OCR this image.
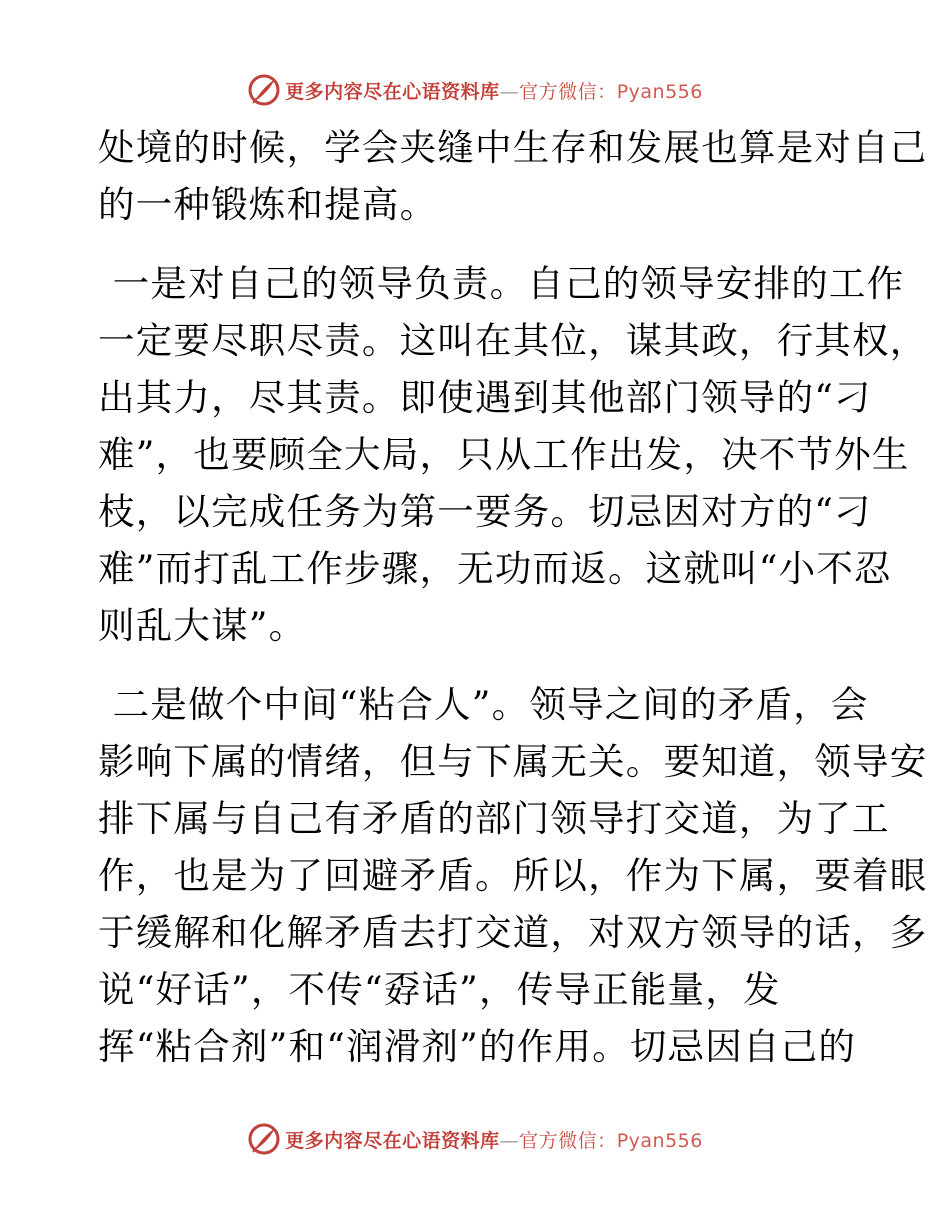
更多内容尽在心语资料库—官方微信：Pyan556

处境的时候，学会夹缝中生存和发展也算是对自己
的一种锻炼和提高。

一是对自己的领导负责。自己的领导安排的工作
一定要尽职尽责。这叫在其位，谋其政，行其权，
出其力，尽其责。即使遇到其他部门领导的“刁
难”，也要顾全大局，只从工作出发，决不节外生
枝，以完成任务为第一要务。切忌因对方的“刁
难”而打乱工作步骤，无功而返。这就叫“小不忍
则乱大谋”。

二是做个中间“粘合人”。领导之间的矛盾，会
影响下属的情绪，但与下属无关。要知道，领导安
排下属与自己有矛盾的部门领导打交道，为了工
作，也是为了回避矛盾。所以，作为下属，要着眼
于缓解和化解矛盾去打交道，对双方领导的话，多
说“好话”，不传“孬话”，传导正能量，发
挥“粘合剂”和“润滑剂”的作用。切忌因自己的

更多内容尽在心语资料库—官方微信：Pyan556
